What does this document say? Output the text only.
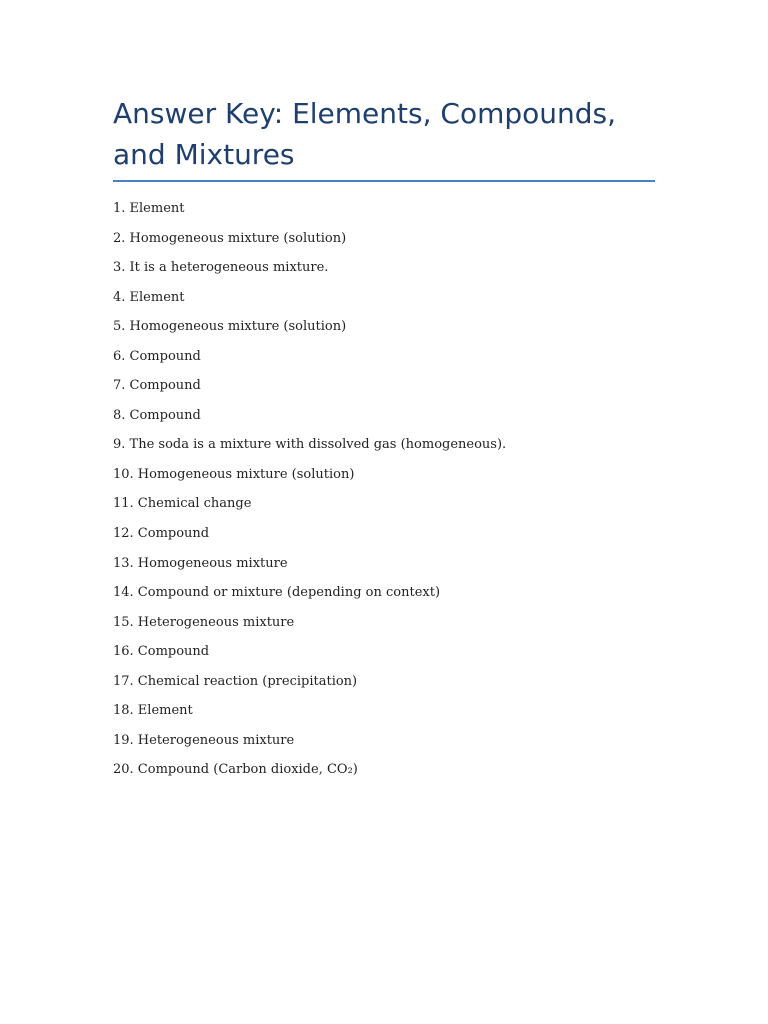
Answer Key: Elements, Compounds, and Mixtures
1. Element
2. Homogeneous mixture (solution)
3. It is a heterogeneous mixture.
4. Element
5. Homogeneous mixture (solution)
6. Compound
7. Compound
8. Compound
9. The soda is a mixture with dissolved gas (homogeneous).
10. Homogeneous mixture (solution)
11. Chemical change
12. Compound
13. Homogeneous mixture
14. Compound or mixture (depending on context)
15. Heterogeneous mixture
16. Compound
17. Chemical reaction (precipitation)
18. Element
19. Heterogeneous mixture
20. Compound (Carbon dioxide, CO₂)
